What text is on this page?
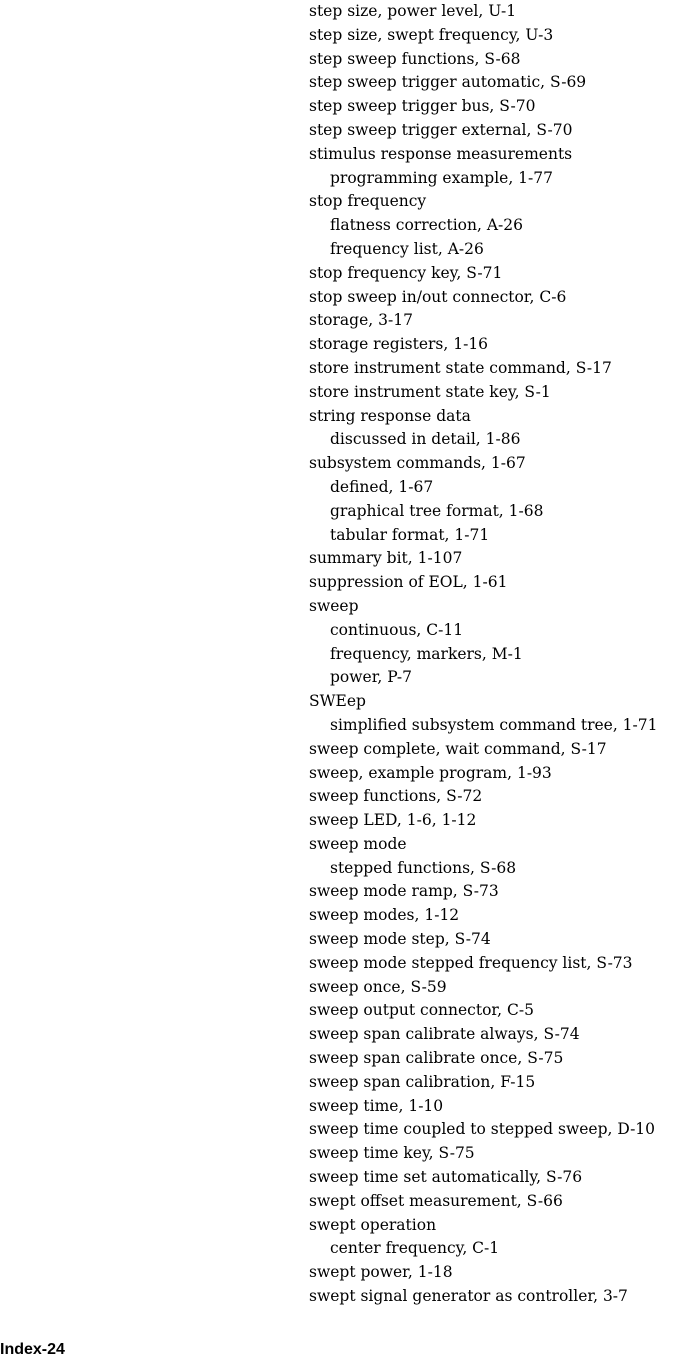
step size, power level, U-1
step size, swept frequency, U-3
step sweep functions, S-68
step sweep trigger automatic, S-69
step sweep trigger bus, S-70
step sweep trigger external, S-70
stimulus response measurements
programming example, 1-77
stop frequency
flatness correction, A-26
frequency list, A-26
stop frequency key, S-71
stop sweep in/out connector, C-6
storage, 3-17
storage registers, 1-16
store instrument state command, S-17
store instrument state key, S-1
string response data
discussed in detail, 1-86
subsystem commands, 1-67
defined, 1-67
graphical tree format, 1-68
tabular format, 1-71
summary bit, 1-107
suppression of EOL, 1-61
sweep
continuous, C-11
frequency, markers, M-1
power, P-7
SWEep
simplified subsystem command tree, 1-71
sweep complete, wait command, S-17
sweep, example program, 1-93
sweep functions, S-72
sweep LED, 1-6, 1-12
sweep mode
stepped functions, S-68
sweep mode ramp, S-73
sweep modes, 1-12
sweep mode step, S-74
sweep mode stepped frequency list, S-73
sweep once, S-59
sweep output connector, C-5
sweep span calibrate always, S-74
sweep span calibrate once, S-75
sweep span calibration, F-15
sweep time, 1-10
sweep time coupled to stepped sweep, D-10
sweep time key, S-75
sweep time set automatically, S-76
swept offset measurement, S-66
swept operation
center frequency, C-1
swept power, 1-18
swept signal generator as controller, 3-7
Index-24
